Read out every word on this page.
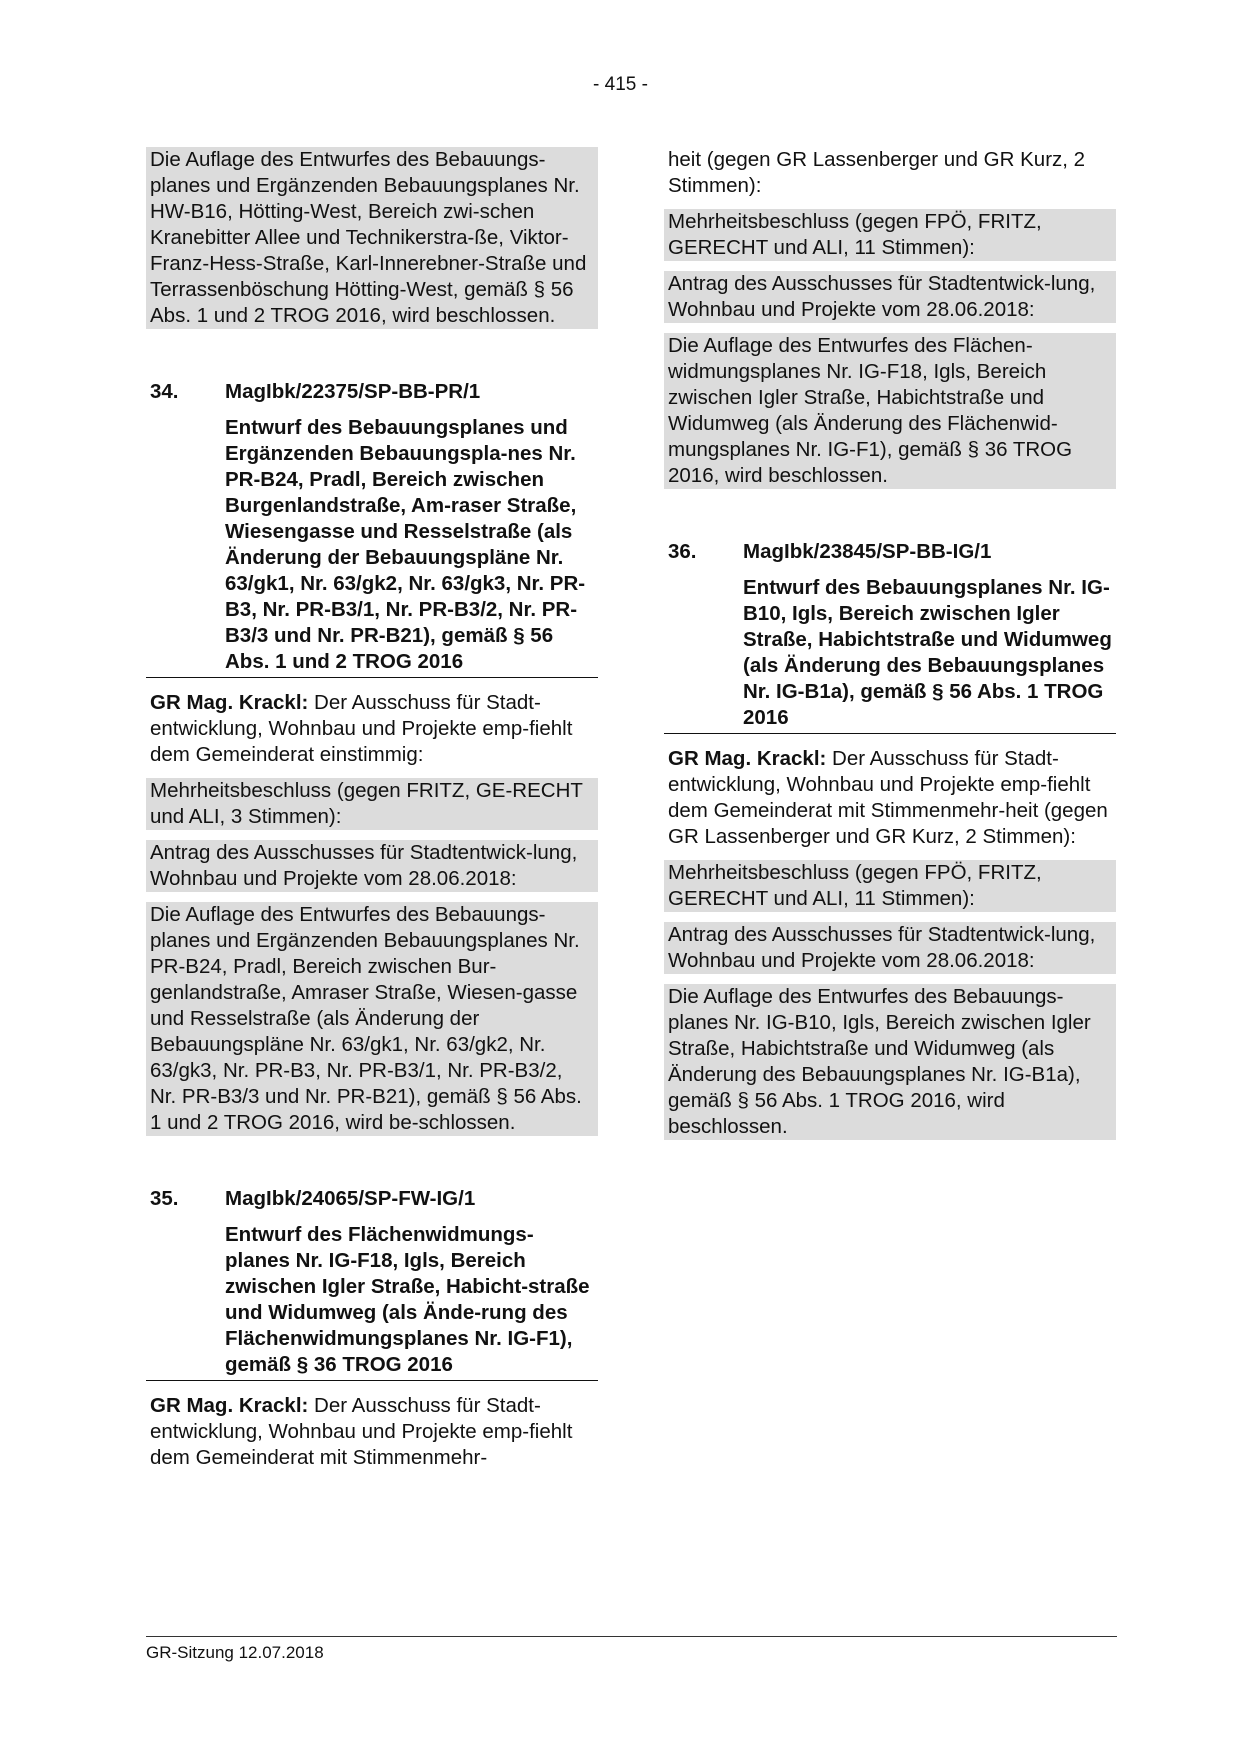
- 415 -

Die Auflage des Entwurfes des Bebauungs-planes und Ergänzenden Bebauungsplanes Nr. HW-B16, Hötting-West, Bereich zwi-schen Kranebitter Allee und Technikerstra-ße, Viktor-Franz-Hess-Straße, Karl-Innerebner-Straße und Terrassenböschung Hötting-West, gemäß § 56 Abs. 1 und 2 TROG 2016, wird beschlossen.

34.	MagIbk/22375/SP-BB-PR/1
Entwurf des Bebauungsplanes und Ergänzenden Bebauungspla-nes Nr. PR-B24, Pradl, Bereich zwischen Burgenlandstraße, Am-raser Straße, Wiesengasse und Resselstraße (als Änderung der Bebauungspläne Nr. 63/gk1, Nr. 63/gk2, Nr. 63/gk3, Nr. PR-B3, Nr. PR-B3/1, Nr. PR-B3/2, Nr. PR-B3/3 und Nr. PR-B21), gemäß § 56 Abs. 1 und 2 TROG 2016

GR Mag. Krackl: Der Ausschuss für Stadt-entwicklung, Wohnbau und Projekte emp-fiehlt dem Gemeinderat einstimmig:

Mehrheitsbeschluss (gegen FRITZ, GE-RECHT und ALI, 3 Stimmen):

Antrag des Ausschusses für Stadtentwick-lung, Wohnbau und Projekte vom 28.06.2018:

Die Auflage des Entwurfes des Bebauungs-planes und Ergänzenden Bebauungsplanes Nr. PR-B24, Pradl, Bereich zwischen Bur-genlandstraße, Amraser Straße, Wiesen-gasse und Resselstraße (als Änderung der Bebauungspläne Nr. 63/gk1, Nr. 63/gk2, Nr. 63/gk3, Nr. PR-B3, Nr. PR-B3/1, Nr. PR-B3/2, Nr. PR-B3/3 und Nr. PR-B21), gemäß § 56 Abs. 1 und 2 TROG 2016, wird be-schlossen.

35.	MagIbk/24065/SP-FW-IG/1
Entwurf des Flächenwidmungs-planes Nr. IG-F18, Igls, Bereich zwischen Igler Straße, Habicht-straße und Widumweg (als Ände-rung des Flächenwidmungsplanes Nr. IG-F1), gemäß § 36 TROG 2016

GR Mag. Krackl: Der Ausschuss für Stadt-entwicklung, Wohnbau und Projekte emp-fiehlt dem Gemeinderat mit Stimmenmehr-

heit (gegen GR Lassenberger und GR Kurz, 2 Stimmen):

Mehrheitsbeschluss (gegen FPÖ, FRITZ, GERECHT und ALI, 11 Stimmen):

Antrag des Ausschusses für Stadtentwick-lung, Wohnbau und Projekte vom 28.06.2018:

Die Auflage des Entwurfes des Flächen-widmungsplanes Nr. IG-F18, Igls, Bereich zwischen Igler Straße, Habichtstraße und Widumweg (als Änderung des Flächenwid-mungsplanes Nr. IG-F1), gemäß § 36 TROG 2016, wird beschlossen.

36.	MagIbk/23845/SP-BB-IG/1
Entwurf des Bebauungsplanes Nr. IG-B10, Igls, Bereich zwischen Igler Straße, Habichtstraße und Widumweg (als Änderung des Bebauungsplanes Nr. IG-B1a), gemäß § 56 Abs. 1 TROG 2016

GR Mag. Krackl: Der Ausschuss für Stadt-entwicklung, Wohnbau und Projekte emp-fiehlt dem Gemeinderat mit Stimmenmehr-heit (gegen GR Lassenberger und GR Kurz, 2 Stimmen):

Mehrheitsbeschluss (gegen FPÖ, FRITZ, GERECHT und ALI, 11 Stimmen):

Antrag des Ausschusses für Stadtentwick-lung, Wohnbau und Projekte vom 28.06.2018:

Die Auflage des Entwurfes des Bebauungs-planes Nr. IG-B10, Igls, Bereich zwischen Igler Straße, Habichtstraße und Widumweg (als Änderung des Bebauungsplanes Nr. IG-B1a), gemäß § 56 Abs. 1 TROG 2016, wird beschlossen.

GR-Sitzung 12.07.2018
